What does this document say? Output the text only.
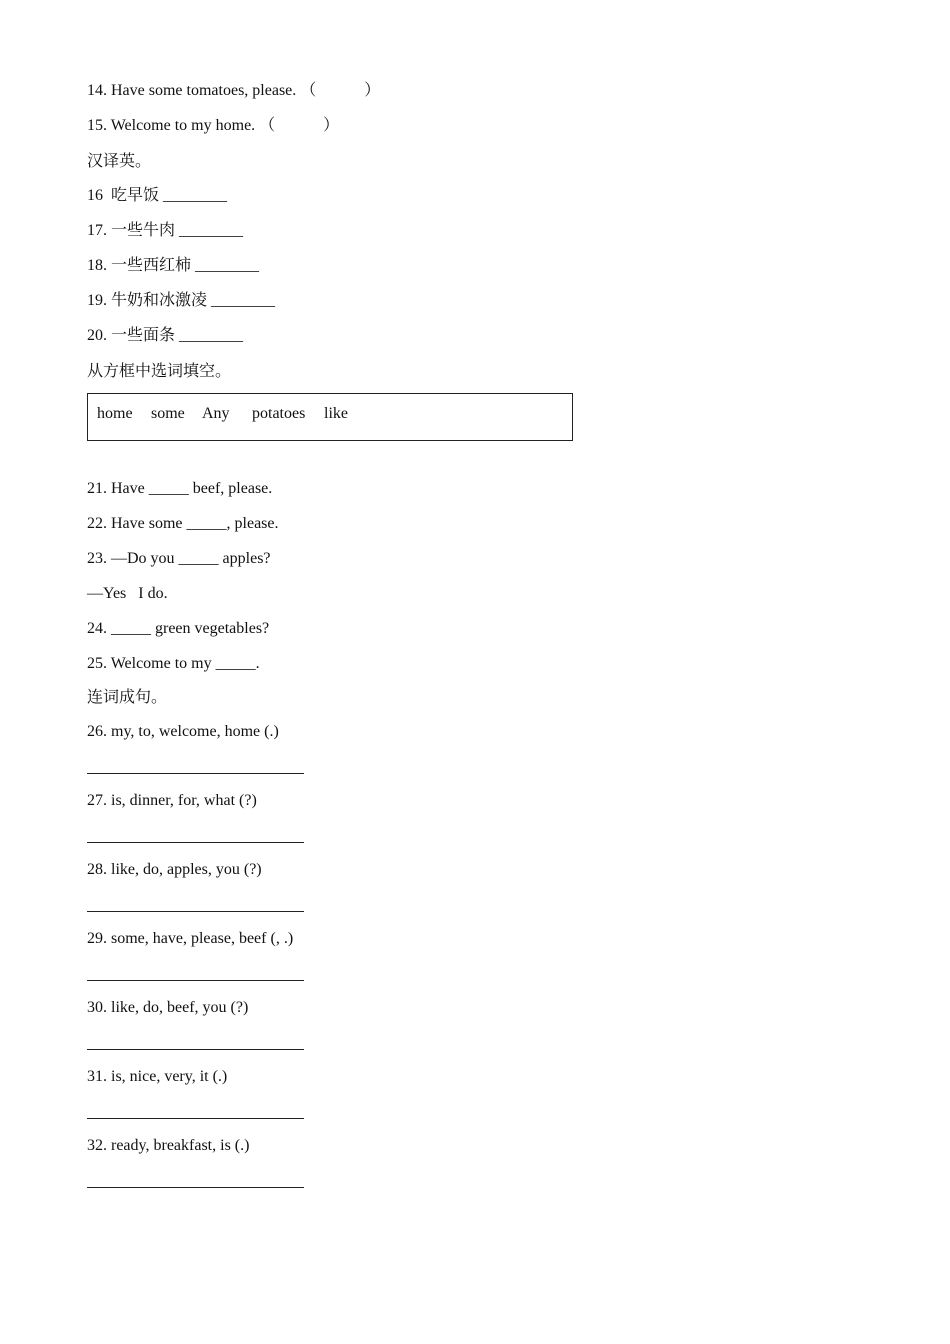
14. Have some tomatoes, please. （            ）
15. Welcome to my home. （            ）
汉译英。
16  吃早饭 ________
17. 一些牛肉 ________
18. 一些西红柿 ________
19. 牛奶和冰激凌 ________
20. 一些面条 ________
从方框中选词填空。
home some Any potatoes like
21. Have _____ beef, please.
22. Have some _____, please.
23. —Do you _____ apples?
—Yes   I do.
24. _____ green vegetables?
25. Welcome to my _____.
连词成句。
26. my, to, welcome, home (.)
27. is, dinner, for, what (?)
28. like, do, apples, you (?)
29. some, have, please, beef (, .)
30. like, do, beef, you (?)
31. is, nice, very, it (.)
32. ready, breakfast, is (.)
